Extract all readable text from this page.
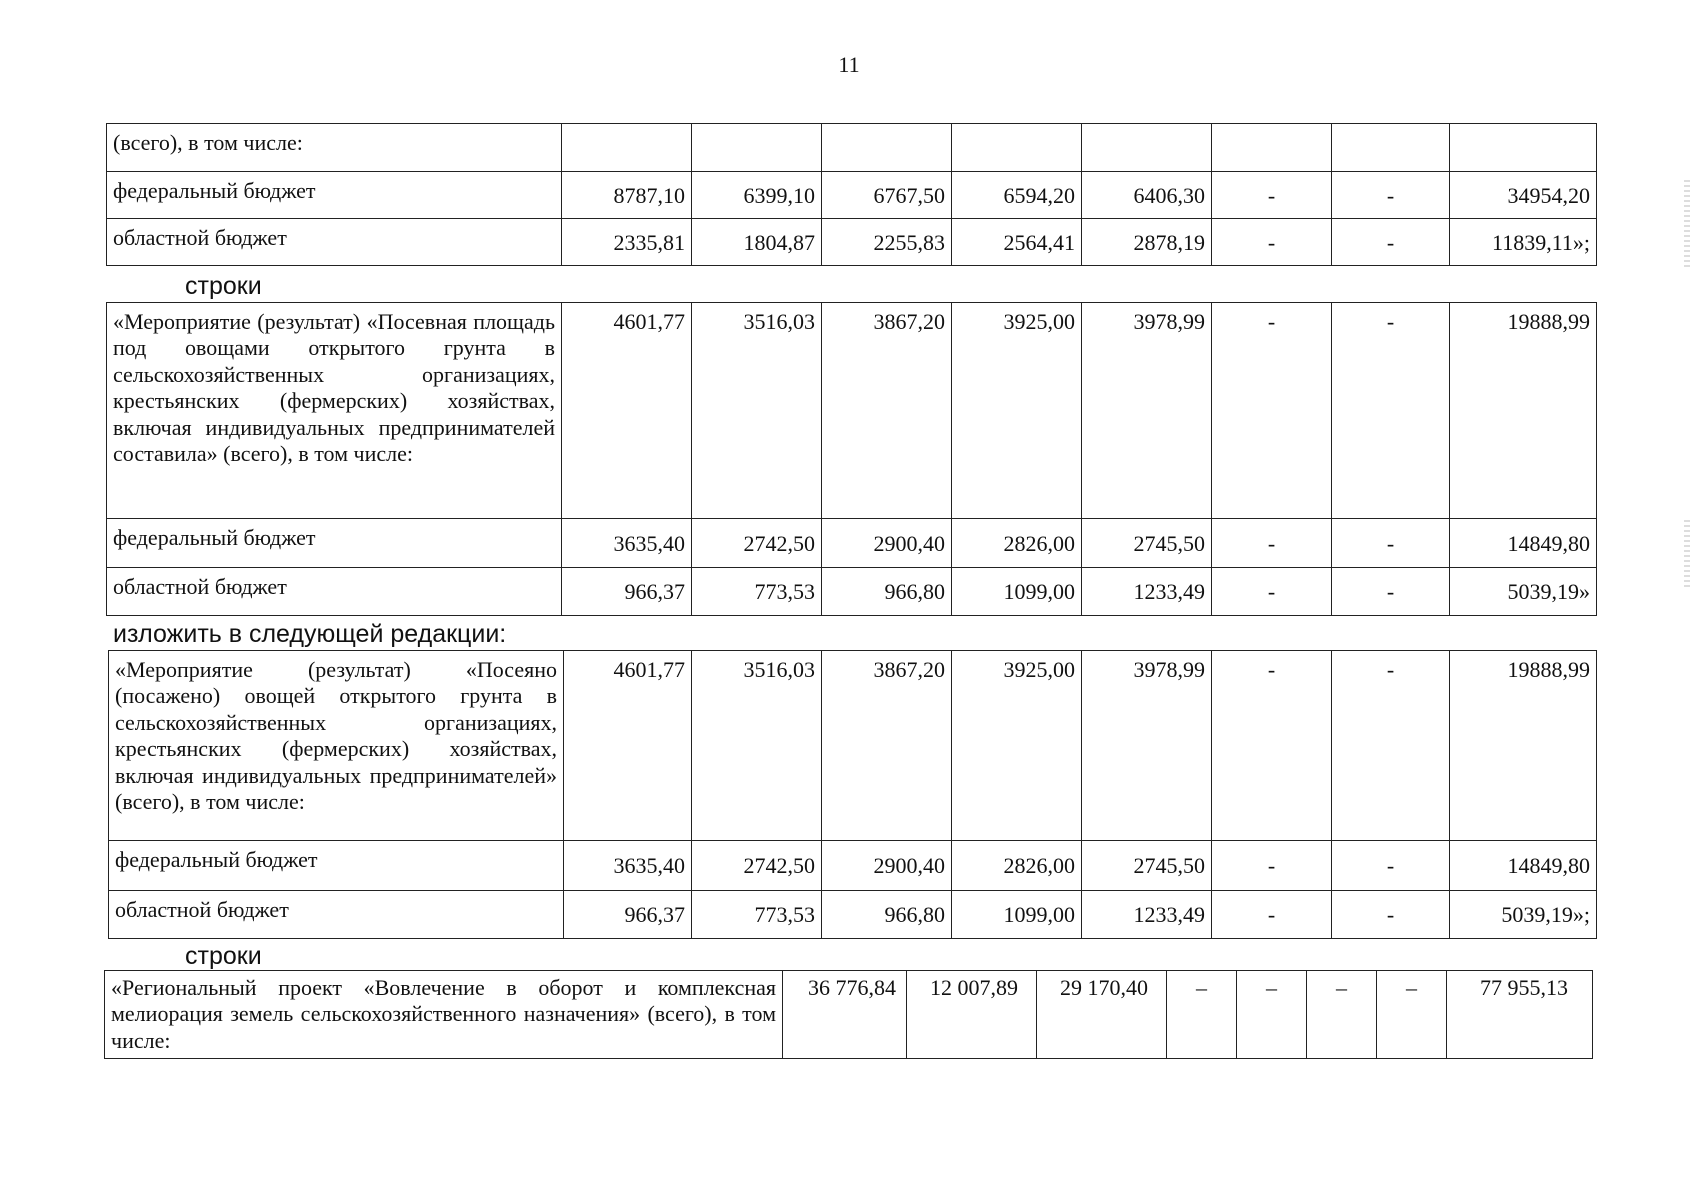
11
(всего), в том числе:								
федеральный бюджет	8787,10	6399,10	6767,50	6594,20	6406,30	-	-	34954,20
областной бюджет	2335,81	1804,87	2255,83	2564,41	2878,19	-	-	11839,11»;
строки
«Мероприятие (результат) «Посевная площадь под овощами открытого грунта в сельскохозяйственных организациях, крестьянских (фермерских) хозяйствах, включая индивидуальных предпринимателей составила» (всего), в том числе:	4601,77	3516,03	3867,20	3925,00	3978,99	-	-	19888,99
федеральный бюджет	3635,40	2742,50	2900,40	2826,00	2745,50	-	-	14849,80
областной бюджет	966,37	773,53	966,80	1099,00	1233,49	-	-	5039,19»
изложить в следующей редакции:
«Мероприятие (результат) «Посеяно (посажено) овощей открытого грунта в сельскохозяйственных организациях, крестьянских (фермерских) хозяйствах, включая индивидуальных предпринимателей» (всего), в том числе:	4601,77	3516,03	3867,20	3925,00	3978,99	-	-	19888,99
федеральный бюджет	3635,40	2742,50	2900,40	2826,00	2745,50	-	-	14849,80
областной бюджет	966,37	773,53	966,80	1099,00	1233,49	-	-	5039,19»;
строки
«Региональный проект «Вовлечение в оборот и комплексная мелиорация земель сельскохозяйственного назначения» (всего), в том числе:	36 776,84	12 007,89	29 170,40	–	–	–	–	77 955,13
